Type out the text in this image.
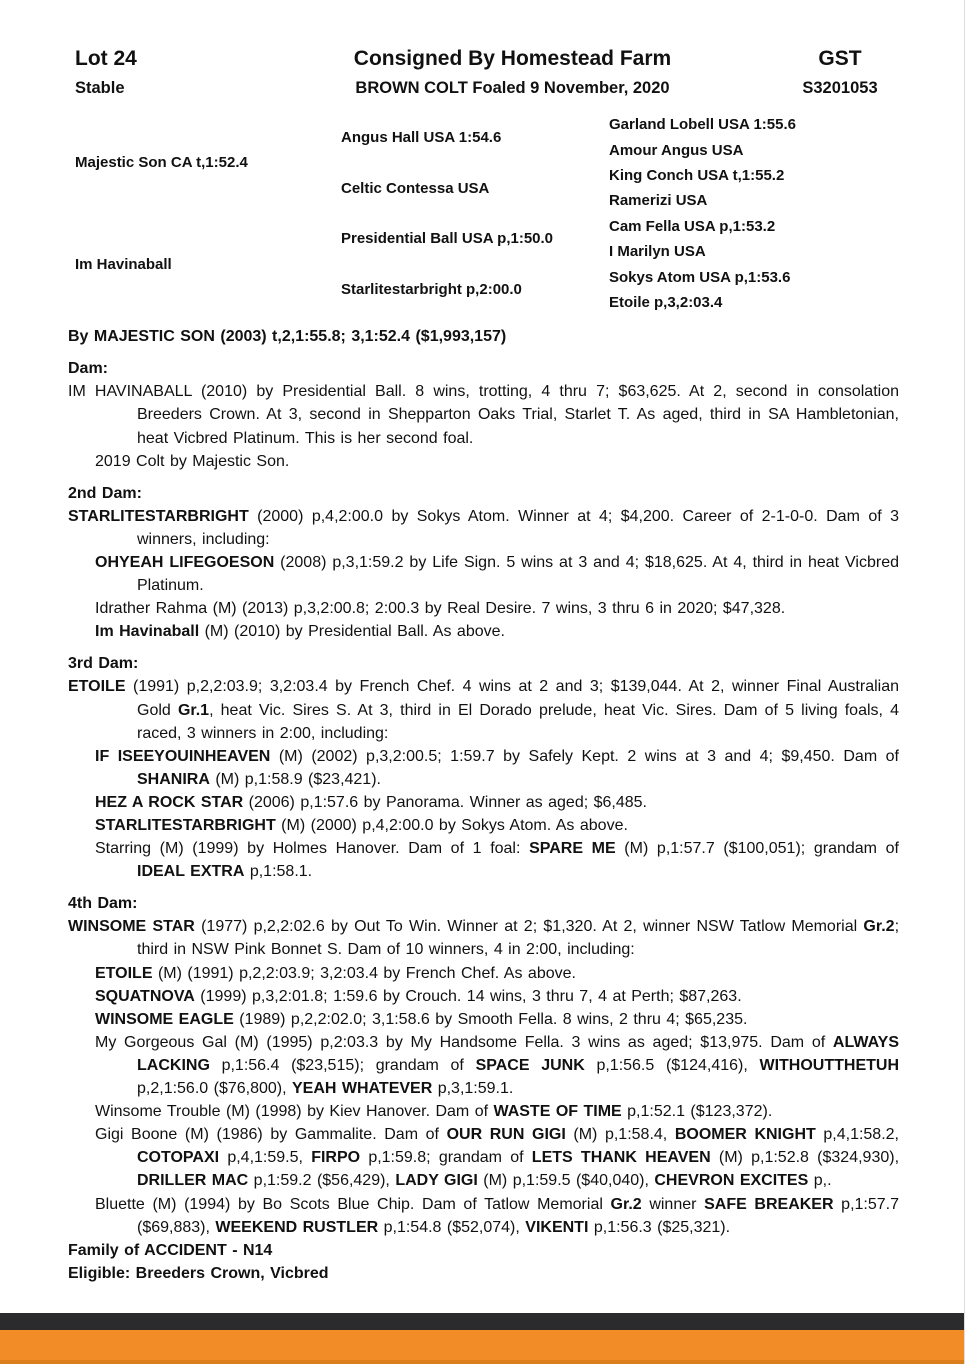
Lot 24
Stable
Consigned By Homestead Farm
BROWN COLT Foaled 9 November, 2020
GST
S3201053
Majestic Son CA t,1:52.4
Im Havinaball
Angus Hall USA 1:54.6
Celtic Contessa USA
Presidential Ball USA p,1:50.0
Starlitestarbright p,2:00.0
Garland Lobell USA 1:55.6
Amour Angus USA
King Conch USA t,1:55.2
Ramerizi USA
Cam Fella USA p,1:53.2
I Marilyn USA
Sokys Atom USA p,1:53.6
Etoile p,3,2:03.4
By MAJESTIC SON (2003) t,2,1:55.8; 3,1:52.4 ($1,993,157)
Dam:
IM HAVINABALL (2010) by Presidential Ball. 8 wins, trotting, 4 thru 7; $63,625. At 2, second in consolation Breeders Crown. At 3, second in Shepparton Oaks Trial, Starlet T. As aged, third in SA Hambletonian, heat Vicbred Platinum. This is her second foal.
2019 Colt by Majestic Son.
2nd Dam:
STARLITESTARBRIGHT (2000) p,4,2:00.0 by Sokys Atom. Winner at 4; $4,200. Career of 2-1-0-0. Dam of 3 winners, including:
OHYEAH LIFEGOESON (2008) p,3,1:59.2 by Life Sign. 5 wins at 3 and 4; $18,625. At 4, third in heat Vicbred Platinum.
Idrather Rahma (M) (2013) p,3,2:00.8; 2:00.3 by Real Desire. 7 wins, 3 thru 6 in 2020; $47,328.
Im Havinaball (M) (2010) by Presidential Ball. As above.
3rd Dam:
ETOILE (1991) p,2,2:03.9; 3,2:03.4 by French Chef. 4 wins at 2 and 3; $139,044. At 2, winner Final Australian Gold Gr.1, heat Vic. Sires S. At 3, third in El Dorado prelude, heat Vic. Sires. Dam of 5 living foals, 4 raced, 3 winners in 2:00, including:
IF ISEEYOUINHEAVEN (M) (2002) p,3,2:00.5; 1:59.7 by Safely Kept. 2 wins at 3 and 4; $9,450. Dam of SHANIRA (M) p,1:58.9 ($23,421).
HEZ A ROCK STAR (2006) p,1:57.6 by Panorama. Winner as aged; $6,485.
STARLITESTARBRIGHT (M) (2000) p,4,2:00.0 by Sokys Atom. As above.
Starring (M) (1999) by Holmes Hanover. Dam of 1 foal: SPARE ME (M) p,1:57.7 ($100,051); grandam of IDEAL EXTRA p,1:58.1.
4th Dam:
WINSOME STAR (1977) p,2,2:02.6 by Out To Win. Winner at 2; $1,320. At 2, winner NSW Tatlow Memorial Gr.2; third in NSW Pink Bonnet S. Dam of 10 winners, 4 in 2:00, including:
ETOILE (M) (1991) p,2,2:03.9; 3,2:03.4 by French Chef. As above.
SQUATNOVA (1999) p,3,2:01.8; 1:59.6 by Crouch. 14 wins, 3 thru 7, 4 at Perth; $87,263.
WINSOME EAGLE (1989) p,2,2:02.0; 3,1:58.6 by Smooth Fella. 8 wins, 2 thru 4; $65,235.
My Gorgeous Gal (M) (1995) p,2:03.3 by My Handsome Fella. 3 wins as aged; $13,975. Dam of ALWAYS LACKING p,1:56.4 ($23,515); grandam of SPACE JUNK p,1:56.5 ($124,416), WITHOUTTHETUH p,2,1:56.0 ($76,800), YEAH WHATEVER p,3,1:59.1.
Winsome Trouble (M) (1998) by Kiev Hanover. Dam of WASTE OF TIME p,1:52.1 ($123,372).
Gigi Boone (M) (1986) by Gammalite. Dam of OUR RUN GIGI (M) p,1:58.4, BOOMER KNIGHT p,4,1:58.2, COTOPAXI p,4,1:59.5, FIRPO p,1:59.8; grandam of LETS THANK HEAVEN (M) p,1:52.8 ($324,930), DRILLER MAC p,1:59.2 ($56,429), LADY GIGI (M) p,1:59.5 ($40,040), CHEVRON EXCITES p,.
Bluette (M) (1994) by Bo Scots Blue Chip. Dam of Tatlow Memorial Gr.2 winner SAFE BREAKER p,1:57.7 ($69,883), WEEKEND RUSTLER p,1:54.8 ($52,074), VIKENTI p,1:56.3 ($25,321).
Family of ACCIDENT - N14
Eligible: Breeders Crown, Vicbred
